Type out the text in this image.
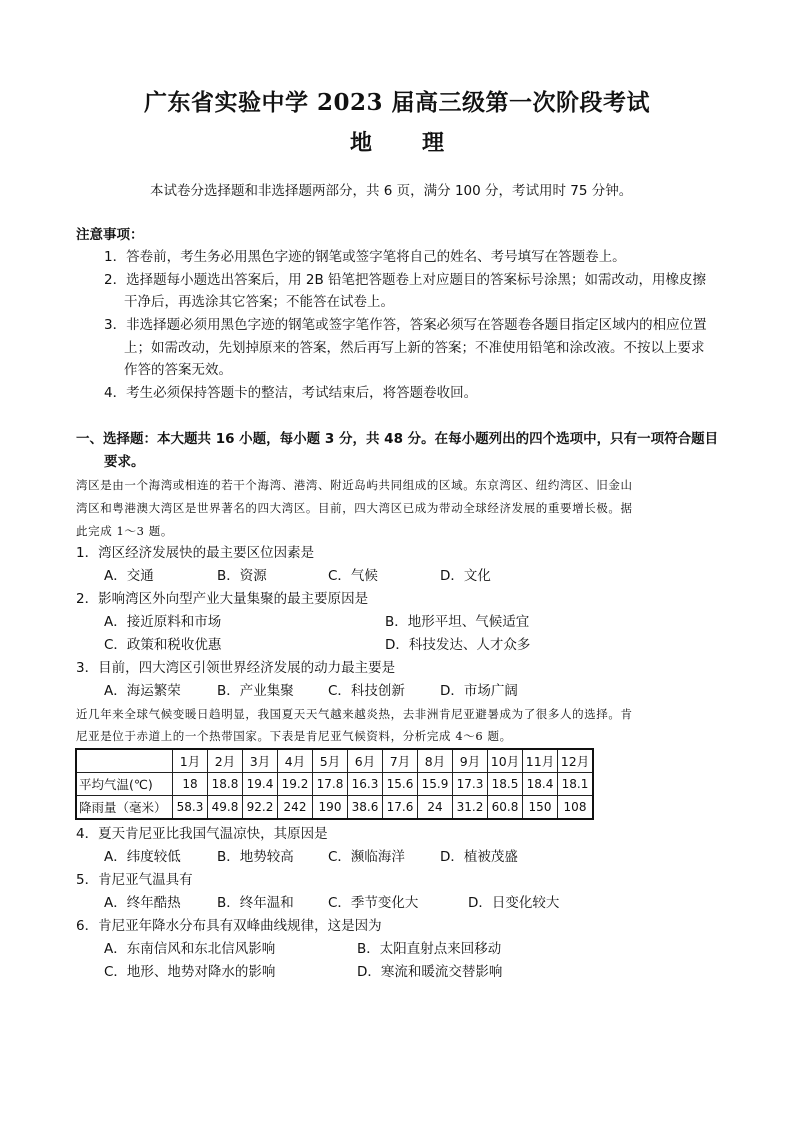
广东省实验中学 2023 届高三级第一次阶段考试
地　理
本试卷分选择题和非选择题两部分，共 6 页，满分 100 分，考试用时 75 分钟。
注意事项：
1．答卷前，考生务必用黑色字迹的钢笔或签字笔将自己的姓名、考号填写在答题卷上。
2．选择题每小题选出答案后，用 2B 铅笔把答题卷上对应题目的答案标号涂黑；如需改动，用橡皮擦
干净后，再选涂其它答案；不能答在试卷上。
3．非选择题必须用黑色字迹的钢笔或签字笔作答，答案必须写在答题卷各题目指定区域内的相应位置
上；如需改动，先划掉原来的答案，然后再写上新的答案；不准使用铅笔和涂改液。不按以上要求
作答的答案无效。
4．考生必须保持答题卡的整洁，考试结束后，将答题卷收回。
一、选择题：本大题共 16 小题，每小题 3 分，共 48 分。在每小题列出的四个选项中，只有一项符合题目
要求。
湾区是由一个海湾或相连的若干个海湾、港湾、附近岛屿共同组成的区域。东京湾区、纽约湾区、旧金山
湾区和粤港澳大湾区是世界著名的四大湾区。目前，四大湾区已成为带动全球经济发展的重要增长极。据
此完成 1～3 题。
1．湾区经济发展快的最主要区位因素是
A．交通	B．资源	C．气候	D．文化
2．影响湾区外向型产业大量集聚的最主要原因是
A．接近原料和市场	B．地形平坦、气候适宜
C．政策和税收优惠	D．科技发达、人才众多
3．目前，四大湾区引领世界经济发展的动力最主要是
A．海运繁荣	B．产业集聚	C．科技创新	D．市场广阔
近几年来全球气候变暖日趋明显，我国夏天天气越来越炎热，去非洲肯尼亚避暑成为了很多人的选择。肯
尼亚是位于赤道上的一个热带国家。下表是肯尼亚气候资料，分析完成 4～6 题。
	1月	2月	3月	4月	5月	6月	7月	8月	9月	10月	11月	12月
平均气温(℃)	18	18.8	19.4	19.2	17.8	16.3	15.6	15.9	17.3	18.5	18.4	18.1
降雨量（毫米）	58.3	49.8	92.2	242	190	38.6	17.6	24	31.2	60.8	150	108
4．夏天肯尼亚比我国气温凉快，其原因是
A．纬度较低	B．地势较高	C．濒临海洋	D．植被茂盛
5．肯尼亚气温具有
A．终年酷热	B．终年温和	C．季节变化大	D．日变化较大
6．肯尼亚年降水分布具有双峰曲线规律，这是因为
A．东南信风和东北信风影响	B．太阳直射点来回移动
C．地形、地势对降水的影响	D．寒流和暖流交替影响
